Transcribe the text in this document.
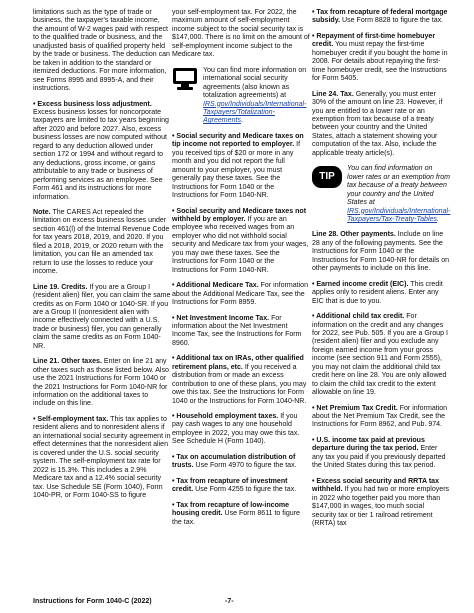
limitations such as the type of trade or business, the taxpayer's taxable income, the amount of W-2 wages paid with respect to the qualified trade or business, and the unadjusted basis of qualified property held by the trade or business. The deduction can be taken in addition to the standard or itemized deductions. For more information, see Forms 8995 and 8995-A, and their instructions.

• Excess business loss adjustment. Excess business losses for noncorporate taxpayers are limited to tax years beginning after 2020 and before 2027. Also, excess business losses are now computed without regard to any deduction allowed under section 172 or 1994 and without regard to any deductions, gross income, or gains attributable to any trade or business of performing services as an employee. See Form 461 and its instructions for more information.

Note. The CARES Act repealed the limitation on excess business losses under section 461(l) of the Internal Revenue Code for tax years 2018, 2019, and 2020. If you filed a 2018, 2019, or 2020 return with the limitation, you can file an amended tax return to use the losses to reduce your income.

Line 19. Credits. If you are a Group I (resident alien) filer, you can claim the same credits as on Form 1040 or 1040-SR. If you are a Group II (nonresident alien with income effectively connected with a U.S. trade or business) filer, you can generally claim the same credits as on Form 1040-NR.

Line 21. Other taxes. Enter on line 21 any other taxes such as those listed below. Also use the 2021 Instructions for Form 1040 or the 2021 Instructions for Form 1040-NR for information on the additional taxes to include on this line.

• Self-employment tax. This tax applies to resident aliens and to nonresident aliens if an international social security agreement in effect determines that the nonresident alien is covered under the U.S. social security system. The self-employment tax rate for 2022 is 15.3%. This includes a 2.9% Medicare tax and a 12.4% social security tax. Use Schedule SE (Form 1040), Form 1040-PR, or Form 1040-SS to figure

your self-employment tax. For 2022, the maximum amount of self-employment income subject to the social security tax is $147,000. There is no limit on the amount of self-employment income subject to the Medicare tax.

You can find more information on international social security agreements (also known as totalization agreements) at IRS.gov/Individuals/International-Taxpayers/Totalization-Agreements.

• Social security and Medicare taxes on tip income not reported to employer. If you received tips of $20 or more in any month and you did not report the full amount to your employer, you must generally pay these taxes. See the Instructions for Form 1040 or the Instructions for Form 1040-NR.

• Social security and Medicare taxes not withheld by employer. If you are an employee who received wages from an employer who did not withhold social security and Medicare tax from your wages, you may owe these taxes. See the Instructions for Form 1040 or the Instructions for Form 1040-NR.

• Additional Medicare Tax. For information about the Additional Medicare Tax, see the Instructions for Form 8959.

• Net Investment Income Tax. For information about the Net Investment Income Tax, see the Instructions for Form 8960.

• Additional tax on IRAs, other qualified retirement plans, etc. If you received a distribution from or made an excess contribution to one of these plans, you may owe this tax. See the Instructions for Form 1040 or the Instructions for Form 1040-NR.

• Household employment taxes. If you pay cash wages to any one household employee in 2022, you may owe this tax. See Schedule H (Form 1040).

• Tax on accumulation distribution of trusts. Use Form 4970 to figure the tax.

• Tax from recapture of investment credit. Use Form 4255 to figure the tax.

• Tax from recapture of low-income housing credit. Use Form 8611 to figure the tax.

• Tax from recapture of federal mortgage subsidy. Use Form 8828 to figure the tax.

• Repayment of first-time homebuyer credit. You must repay the first-time homebuyer credit if you bought the home in 2008. For details about repaying the first-time homebuyer credit, see the Instructions for Form 5405.

Line 24. Tax. Generally, you must enter 30% of the amount on line 23. However, if you are entitled to a lower rate or an exemption from tax because of a treaty between your country and the United States, attach a statement showing your computation of the tax. Also, include the applicable treaty article(s).

TIP
You can find information on lower rates or an exemption from tax because of a treaty between your country and the United States at IRS.gov/Individuals/International-Taxpayers/Tax-Treaty-Tables.

Line 28. Other payments. Include on line 28 any of the following payments. See the Instructions for Form 1040 or the Instructions for Form 1040-NR for details on other payments to include on this line.

• Earned income credit (EIC). This credit applies only to resident aliens. Enter any EIC that is due to you.

• Additional child tax credit. For information on the credit and any changes for 2022, see Pub. 505. If you are a Group I (resident alien) filer and you exclude any foreign earned income from your gross income (see section 911 and Form 2555), you may not claim the additional child tax credit here on line 28. You are only allowed to claim the child tax credit to the extent allowable on line 19.

• Net Premium Tax Credit. For information about the Net Premium Tax Credit, see the Instructions for Form 8962, and Pub. 974.

• U.S. income tax paid at previous departure during the tax period. Enter any tax you paid if you previously departed the United States during this tax period.

• Excess social security and RRTA tax withheld. If you had two or more employers in 2022 who together paid you more than $147,000 in wages, too much social security tax or tier 1 railroad retirement (RRTA) tax

Instructions for Form 1040-C (2022)	-7-
